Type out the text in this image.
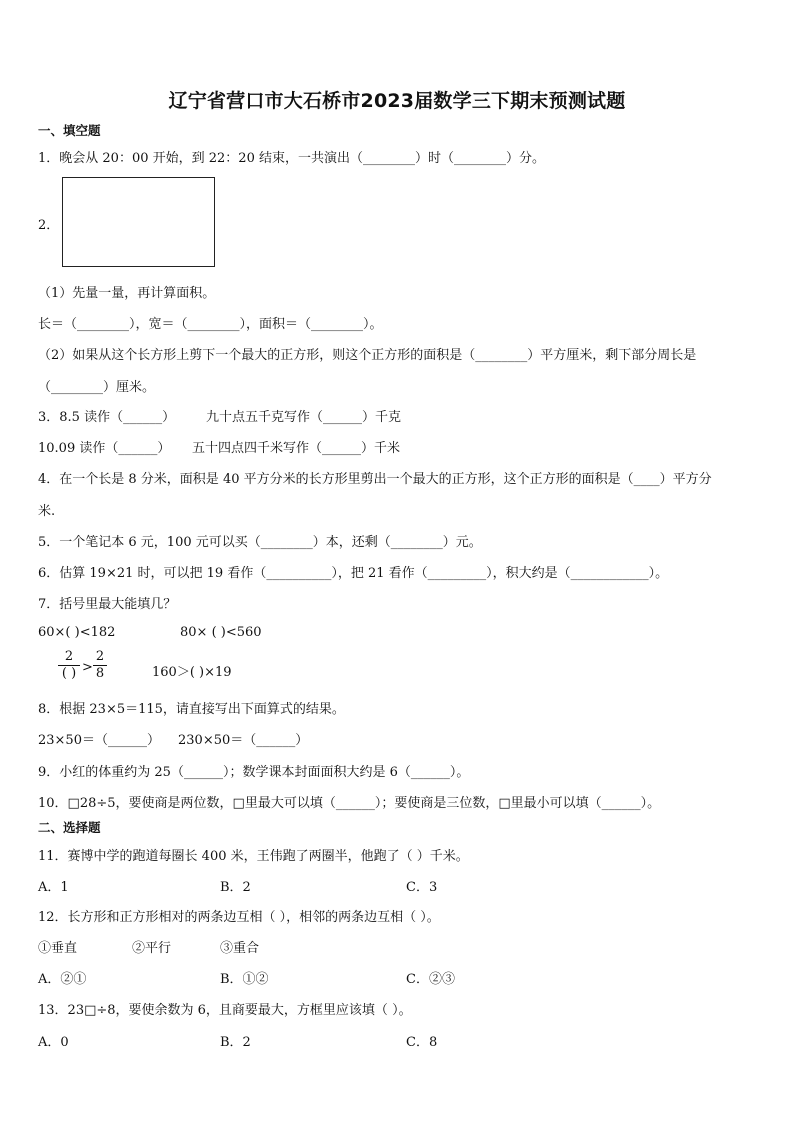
辽宁省营口市大石桥市2023届数学三下期末预测试题
一、填空题
1．晚会从 20：00 开始，到 22：20 结束，一共演出（________）时（________）分。
2．
（1）先量一量，再计算面积。
长＝（________），宽＝（________），面积＝（________）。
（2）如果从这个长方形上剪下一个最大的正方形，则这个正方形的面积是（________）平方厘米，剩下部分周长是
（________）厘米。
3．8.5 读作（______） 九十点五千克写作（______）千克
10.09 读作（______） 五十四点四千米写作（______）千米
4．在一个长是 8 分米，面积是 40 平方分米的长方形里剪出一个最大的正方形，这个正方形的面积是（____）平方分
米.
5．一个笔记本 6 元，100 元可以买（________）本，还剩（________）元。
6．估算 19×21 时，可以把 19 看作（__________），把 21 看作（_________），积大约是（____________）。
7．括号里最大能填几？
60×( )<182	80× ( )<560
2
( ) >
2
8	160＞( )×19
8．根据 23×5＝115，请直接写出下面算式的结果。
23×50＝（______） 230×50＝（______）
9．小红的体重约为 25（______）；数学课本封面面积大约是 6（______）。
10．□28÷5，要使商是两位数，□里最大可以填（______）；要使商是三位数，□里最小可以填（______）。
二、选择题
11．赛博中学的跑道每圈长 400 米，王伟跑了两圈半，他跑了（ ）千米。
A．1	B．2	C．3
12．长方形和正方形相对的两条边互相（ ），相邻的两条边互相（ ）。
①垂直	②平行	③重合
A．②①	B．①②	C．②③
13．23□÷8，要使余数为 6，且商要最大，方框里应该填（ ）。
A．0	B．2	C．8
